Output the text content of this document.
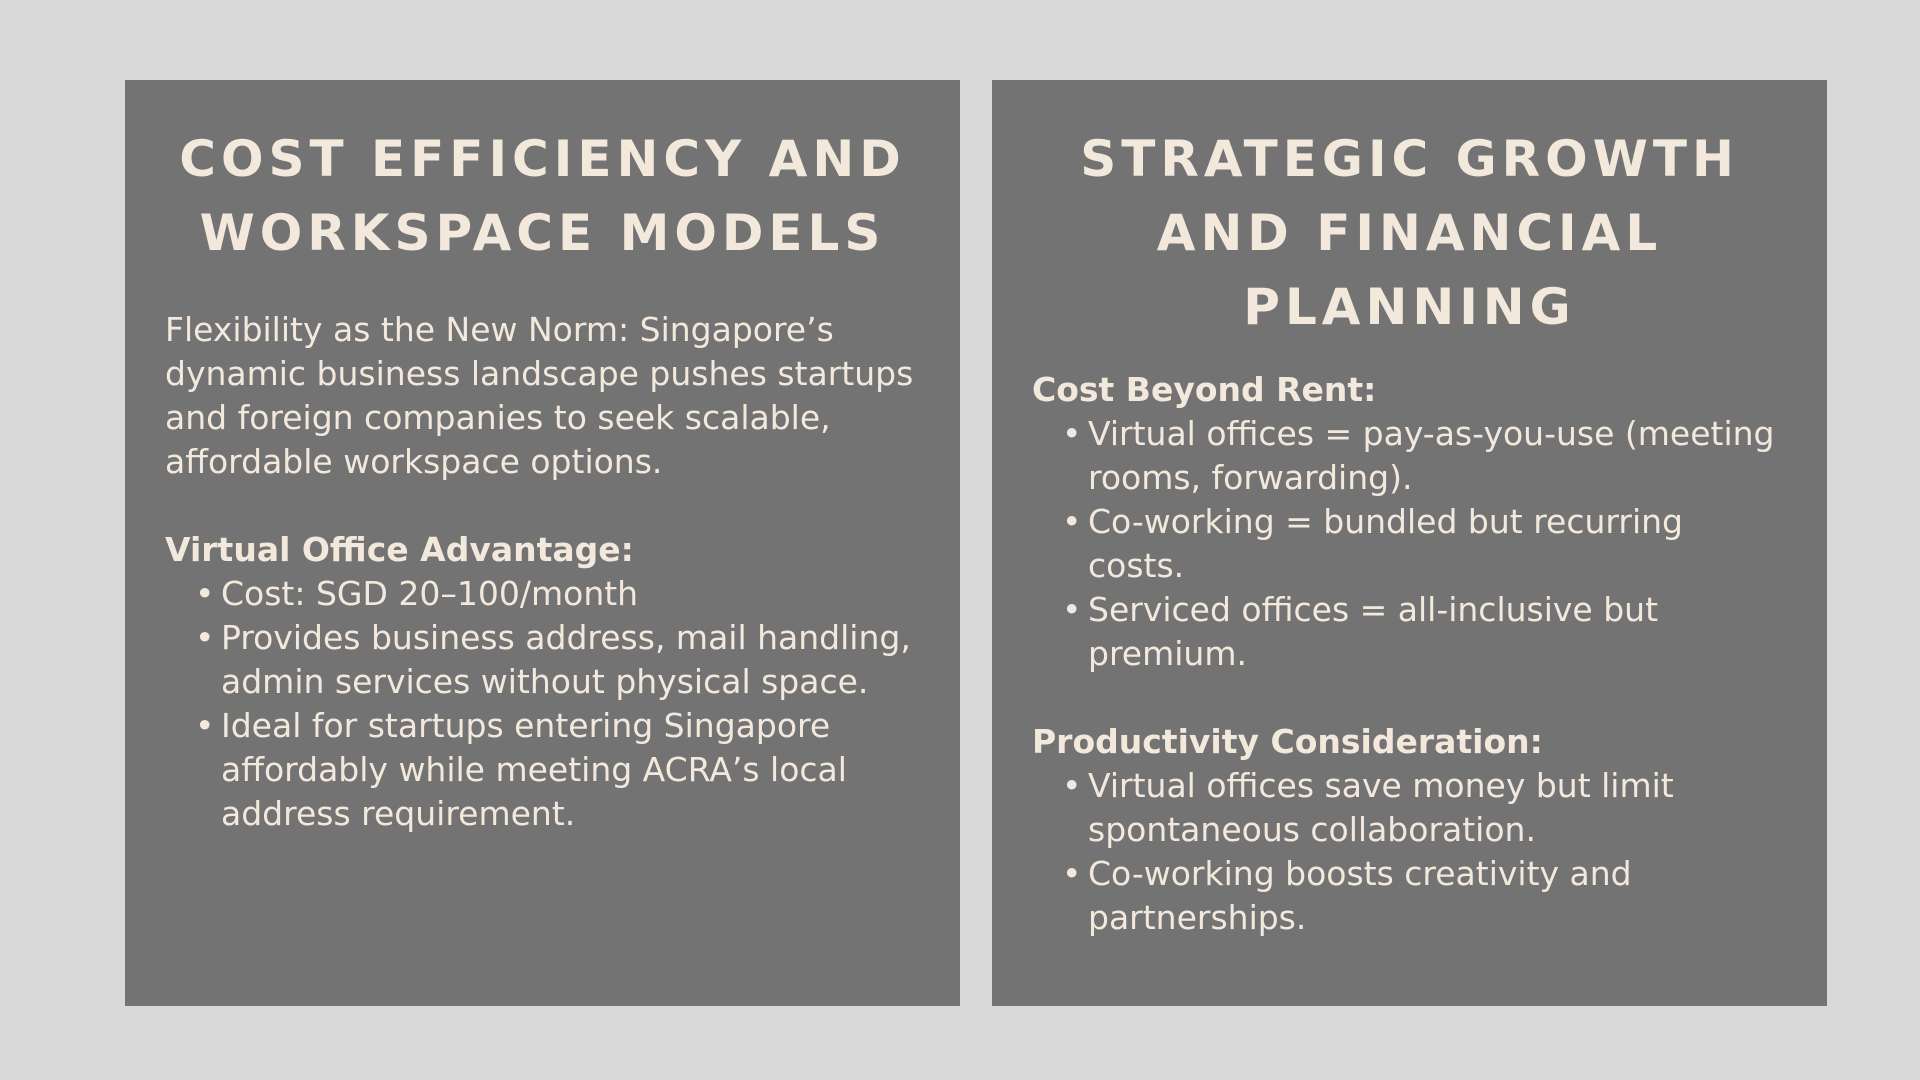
COST EFFICIENCY AND WORKSPACE MODELS

Flexibility as the New Norm: Singapore’s dynamic business landscape pushes startups and foreign companies to seek scalable, affordable workspace options.

Virtual Office Advantage:

• Cost: SGD 20–100/month
• Provides business address, mail handling, admin services without physical space.
• Ideal for startups entering Singapore affordably while meeting ACRA’s local address requirement.
STRATEGIC GROWTH AND FINANCIAL PLANNING

Cost Beyond Rent:

• Virtual offices = pay-as-you-use (meeting rooms, forwarding).
• Co-working = bundled but recurring costs.
• Serviced offices = all-inclusive but premium.

Productivity Consideration:

• Virtual offices save money but limit spontaneous collaboration.
• Co-working boosts creativity and partnerships.
